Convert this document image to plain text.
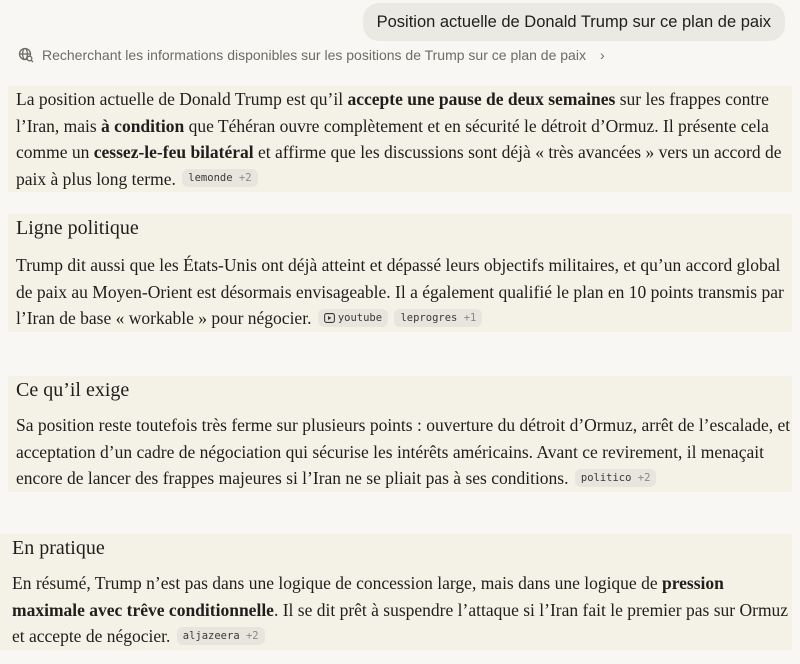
Position actuelle de Donald Trump sur ce plan de paix
Recherchant les informations disponibles sur les positions de Trump sur ce plan de paix ›

La position actuelle de Donald Trump est qu’il accepte une pause de deux semaines sur les frappes contre l’Iran, mais à condition que Téhéran ouvre complètement et en sécurité le détroit d’Ormuz. Il présente cela comme un cessez-le-feu bilatéral et affirme que les discussions sont déjà « très avancées » vers un accord de paix à plus long terme. lemonde +2

Ligne politique

Trump dit aussi que les États-Unis ont déjà atteint et dépassé leurs objectifs militaires, et qu’un accord global de paix au Moyen-Orient est désormais envisageable. Il a également qualifié le plan en 10 points transmis par l’Iran de base « workable » pour négocier.	youtube leprogres +1

Ce qu’il exige

Sa position reste toutefois très ferme sur plusieurs points : ouverture du détroit d’Ormuz, arrêt de l’escalade, et acceptation d’un cadre de négociation qui sécurise les intérêts américains. Avant ce revirement, il menaçait encore de lancer des frappes majeures si l’Iran ne se pliait pas à ses conditions. politico +2

En pratique

En résumé, Trump n’est pas dans une logique de concession large, mais dans une logique de pression maximale avec trêve conditionnelle. Il se dit prêt à suspendre l’attaque si l’Iran fait le premier pas sur Ormuz et accepte de négocier. aljazeera +2
